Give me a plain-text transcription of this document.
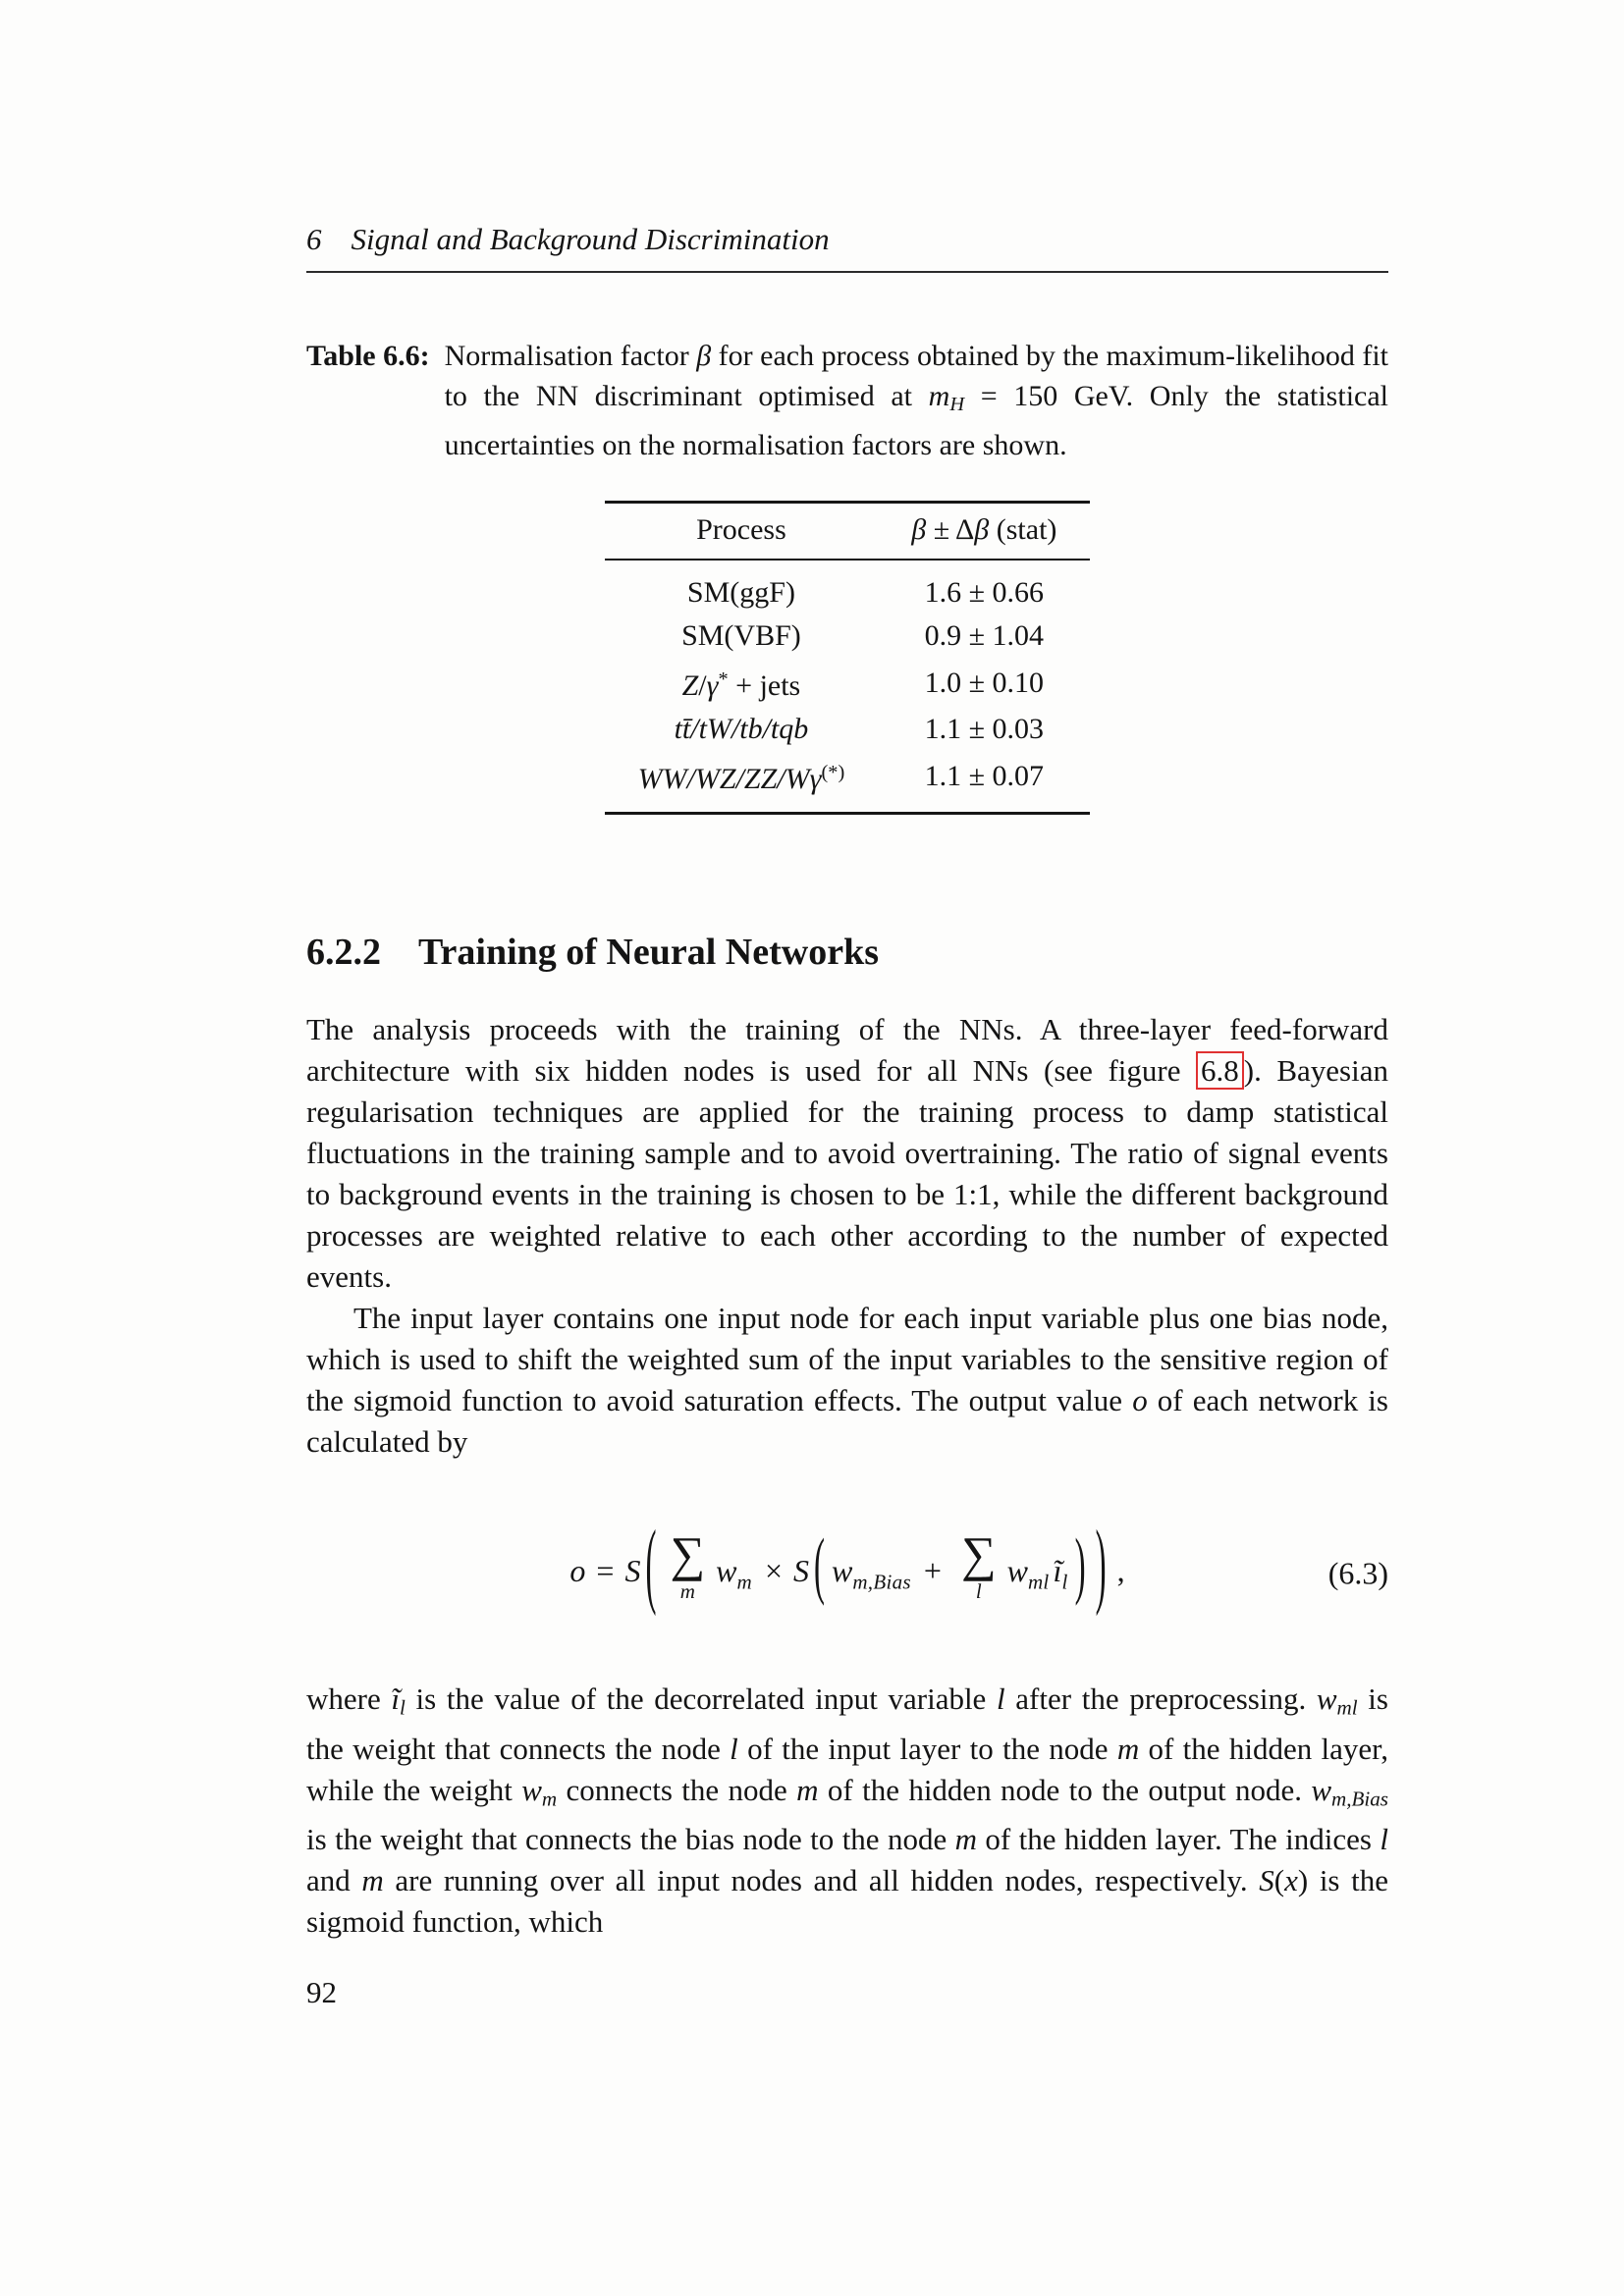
6 Signal and Background Discrimination
Table 6.6: Normalisation factor β for each process obtained by the maximum-likelihood fit to the NN discriminant optimised at mH = 150 GeV. Only the statistical uncertainties on the normalisation factors are shown.
Process	β ± Δβ (stat)
SM(ggF)	1.6 ± 0.66
SM(VBF)	0.9 ± 1.04
Z/γ* + jets	1.0 ± 0.10
tt̄/tW/tb/tqb	1.1 ± 0.03
WW/WZ/ZZ/Wγ(*)	1.1 ± 0.07
6.2.2 Training of Neural Networks

The analysis proceeds with the training of the NNs. A three-layer feed-forward architecture with six hidden nodes is used for all NNs (see figure 6.8 ). Bayesian regularisation techniques are applied for the training process to damp statistical fluctuations in the training sample and to avoid overtraining. The ratio of signal events to background events in the training is chosen to be 1:1, while the different background processes are weighted relative to each other according to the number of expected events.

The input layer contains one input node for each input variable plus one bias node, which is used to shift the weighted sum of the input variables to the sensitive region of the sigmoid function to avoid saturation effects. The output value o of each network is calculated by

o = S ( ∑
m
$w_m \times S$ ( $w_{m,Bias}$ + ∑
l
$w_{ml}$ $ĩ_l$ ) ) ,	(6.3)

where ĩl is the value of the decorrelated input variable l after the preprocessing. wml is the weight that connects the node l of the input layer to the node m of the hidden layer, while the weight wm connects the node m of the hidden node to the output node. wm,Bias is the weight that connects the bias node to the node m of the hidden layer. The indices l and m are running over all input nodes and all hidden nodes, respectively. S(x) is the sigmoid function, which

92
